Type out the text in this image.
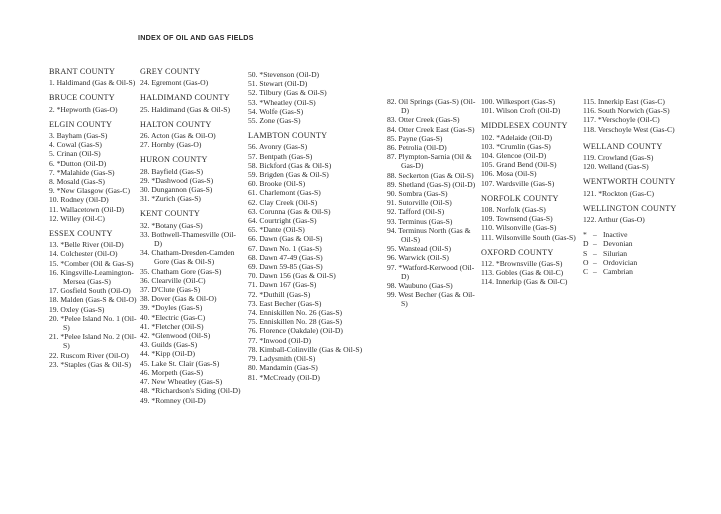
INDEX OF OIL AND GAS FIELDS
BRANT COUNTY
1. Haldimand (Gas & Oil-S)
BRUCE COUNTY
2. *Hepworth (Gas-O)
ELGIN COUNTY
3. Bayham (Gas-S)
4. Cowal (Gas-S)
5. Crinan (Oil-S)
6. *Dutton (Oil-D)
7. *Malahide (Gas-S)
8. Mosald (Gas-S)
9. *New Glasgow (Gas-C)
10. Rodney (Oil-D)
11. Wallacetown (Oil-D)
12. Willey (Oil-C)
ESSEX COUNTY
13. *Belle River (Oil-D)
14. Colchester (Oil-O)
15. *Comber (Oil & Gas-S)
16. Kingsville-Leamington-Mersea (Gas-S)
17. Gosfield South (Oil-O)
18. Malden (Gas-S & Oil-O)
19. Oxley (Gas-S)
20. *Pelee Island No. 1 (Oil-S)
21. *Pelee Island No. 2 (Oil-S)
22. Ruscom River (Oil-O)
23. *Staples (Gas & Oil-S)
GREY COUNTY
24. Egremont (Gas-O)
HALDIMAND COUNTY
25. Haldimand (Gas & Oil-S)
HALTON COUNTY
26. Acton (Gas & Oil-O)
27. Hornby (Gas-O)
HURON COUNTY
28. Bayfield (Gas-S)
29. *Dashwood (Gas-S)
30. Dungannon (Gas-S)
31. *Zurich (Gas-S)
KENT COUNTY
32. *Botany (Gas-S)
33. Bothwell-Thamesville (Oil-D)
34. Chatham-Dresden-Camden Gore (Gas & Oil-S)
35. Chatham Gore (Gas-S)
36. Clearville (Oil-C)
37. D'Clute (Gas-S)
38. Dover (Gas & Oil-O)
39. *Doyles (Gas-S)
40. *Electric (Gas-C)
41. *Fletcher (Oil-S)
42. *Glenwood (Oil-S)
43. Guilds (Gas-S)
44. *Kipp (Oil-D)
45. Lake St. Clair (Gas-S)
46. Morpeth (Gas-S)
47. New Wheatley (Gas-S)
48. *Richardson's Siding (Oil-D)
49. *Romney (Oil-D)
50. *Stevenson (Oil-D)
51. Stewart (Oil-D)
52. Tilbury (Gas & Oil-S)
53. *Wheatley (Oil-S)
54. Wolfe (Gas-S)
55. Zone (Gas-S)
LAMBTON COUNTY
56. Avonry (Gas-S)
57. Bentpath (Gas-S)
58. Bickford (Gas & Oil-S)
59. Brigden (Gas & Oil-S)
60. Brooke (Oil-S)
61. Charlemont (Gas-S)
62. Clay Creek (Oil-S)
63. Corunna (Gas & Oil-S)
64. Courtright (Gas-S)
65. *Dante (Oil-S)
66. Dawn (Gas & Oil-S)
67. Dawn No. 1 (Gas-S)
68. Dawn 47-49 (Gas-S)
69. Dawn 59-85 (Gas-S)
70. Dawn 156 (Gas & Oil-S)
71. Dawn 167 (Gas-S)
72. *Duthill (Gas-S)
73. East Becher (Gas-S)
74. Enniskillen No. 26 (Gas-S)
75. Enniskillen No. 28 (Gas-S)
76. Florence (Oakdale) (Oil-D)
77. *Inwood (Oil-D)
78. Kimball-Colinville (Gas & Oil-S)
79. Ladysmith (Oil-S)
80. Mandamin (Gas-S)
81. *McCready (Oil-D)
82. Oil Springs (Gas-S) (Oil-D)
83. Otter Creek (Gas-S)
84. Otter Creek East (Gas-S)
85. Payne (Gas-S)
86. Petrolia (Oil-D)
87. Plympton-Sarnia (Oil & Gas-D)
88. Seckerton (Gas & Oil-S)
89. Shetland (Gas-S) (Oil-D)
90. Sombra (Gas-S)
91. Sutorville (Oil-S)
92. Tafford (Oil-S)
93. Terminus (Gas-S)
94. Terminus North (Gas & Oil-S)
95. Wanstead (Oil-S)
96. Warwick (Oil-S)
97. *Watford-Kerwood (Oil-D)
98. Waubuno (Gas-S)
99. West Becher (Gas & Oil-S)
100. Wilkesport (Gas-S)
101. Wilson Croft (Oil-D)
MIDDLESEX COUNTY
102. *Adelaide (Oil-D)
103. *Crumlin (Gas-S)
104. Glencoe (Oil-D)
105. Grand Bend (Oil-S)
106. Mosa (Oil-S)
107. Wardsville (Gas-S)
NORFOLK COUNTY
108. Norfolk (Gas-S)
109. Townsend (Gas-S)
110. Wilsonville (Gas-S)
111. Wilsonville South (Gas-S)
OXFORD COUNTY
112. *Brownsville (Gas-S)
113. Gobles (Gas & Oil-C)
114. Innerkip (Gas & Oil-C)
115. Innerkip East (Gas-C)
116. South Norwich (Gas-S)
117. *Verschoyle (Oil-C)
118. Verschoyle West (Gas-C)
WELLAND COUNTY
119. Crowland (Gas-S)
120. Welland (Gas-S)
WENTWORTH COUNTY
121. *Rockton (Gas-C)
WELLINGTON COUNTY
122. Arthur (Gas-O)
* – Inactive
D – Devonian
S – Silurian
O – Ordovician
C – Cambrian
